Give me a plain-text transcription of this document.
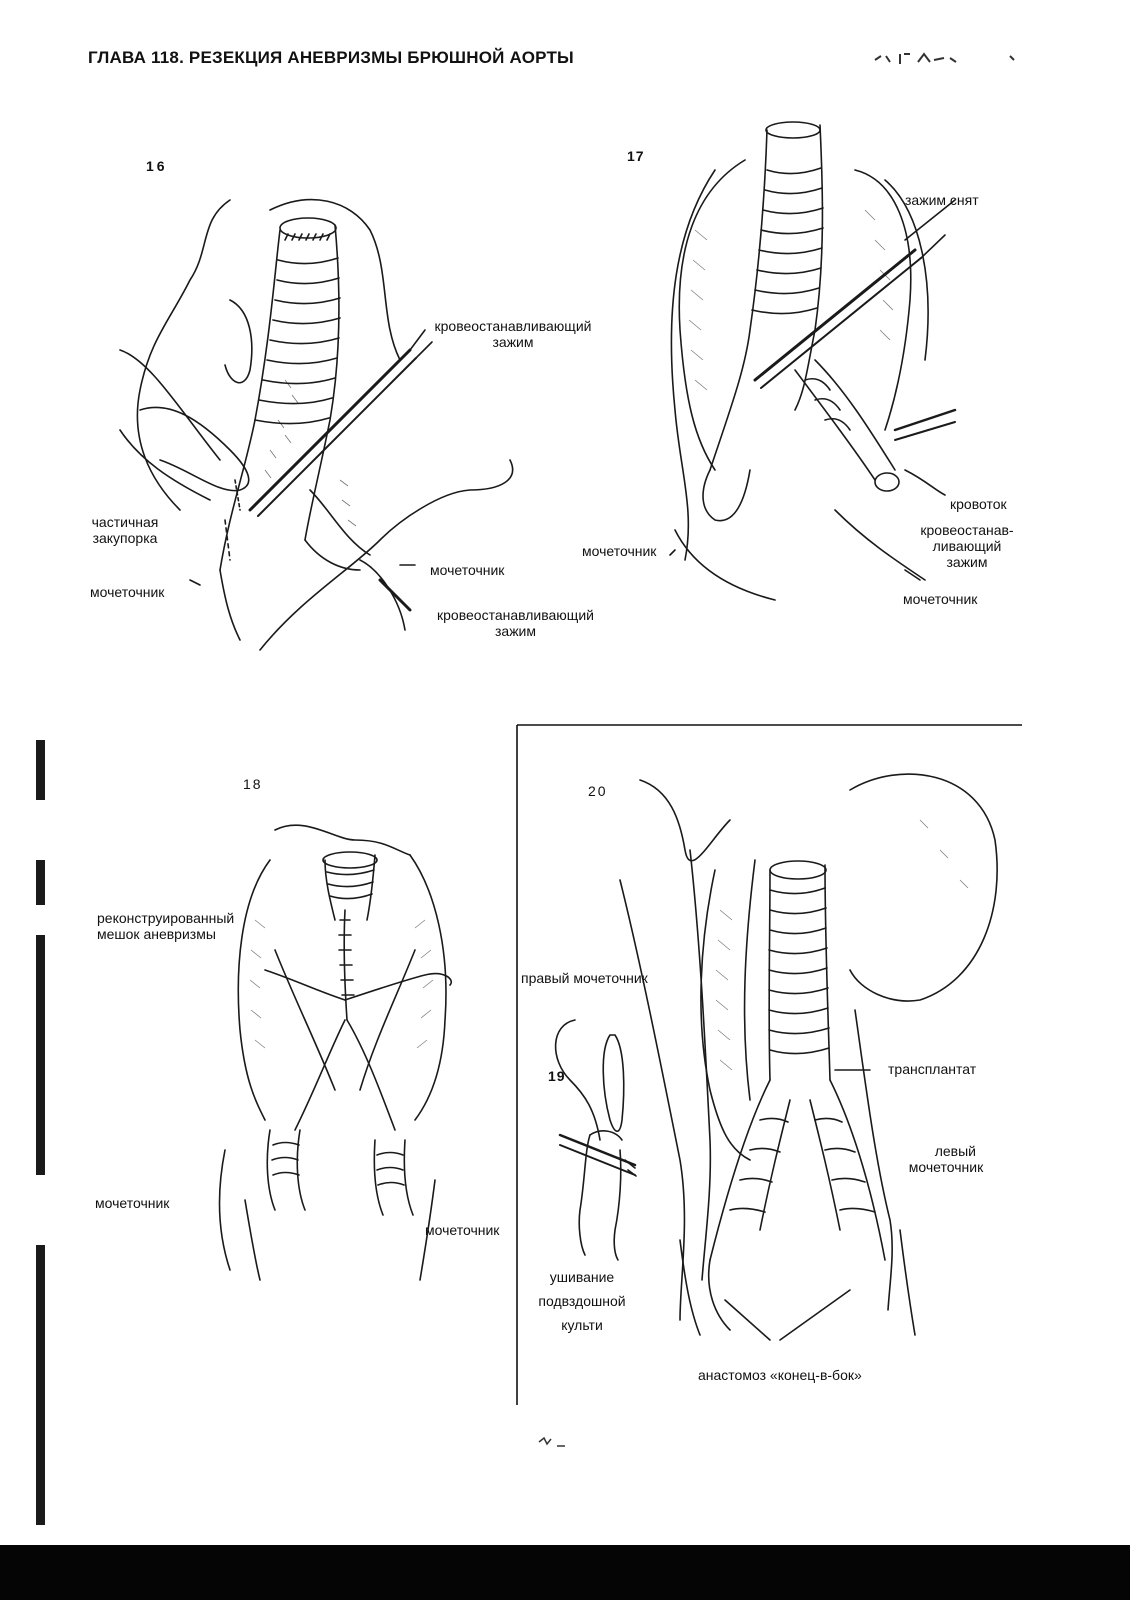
ГЛАВА 118. РЕЗЕКЦИЯ АНЕВРИЗМЫ БРЮШНОЙ АОРТЫ
16
кровеостанавливающий
зажим
частичная
закупорка
мочеточник
мочеточник
кровеостанавливающий
зажим
17
зажим снят
кровоток
кровеостанав-
ливающий
зажим
мочеточник
мочеточник
18
реконструированный
мешок аневризмы
мочеточник
мочеточник
20
правый мочеточник
трансплантат
левый
мочеточник
анастомоз «конец-в-бок»
19
ушивание
подвздошной
культи
